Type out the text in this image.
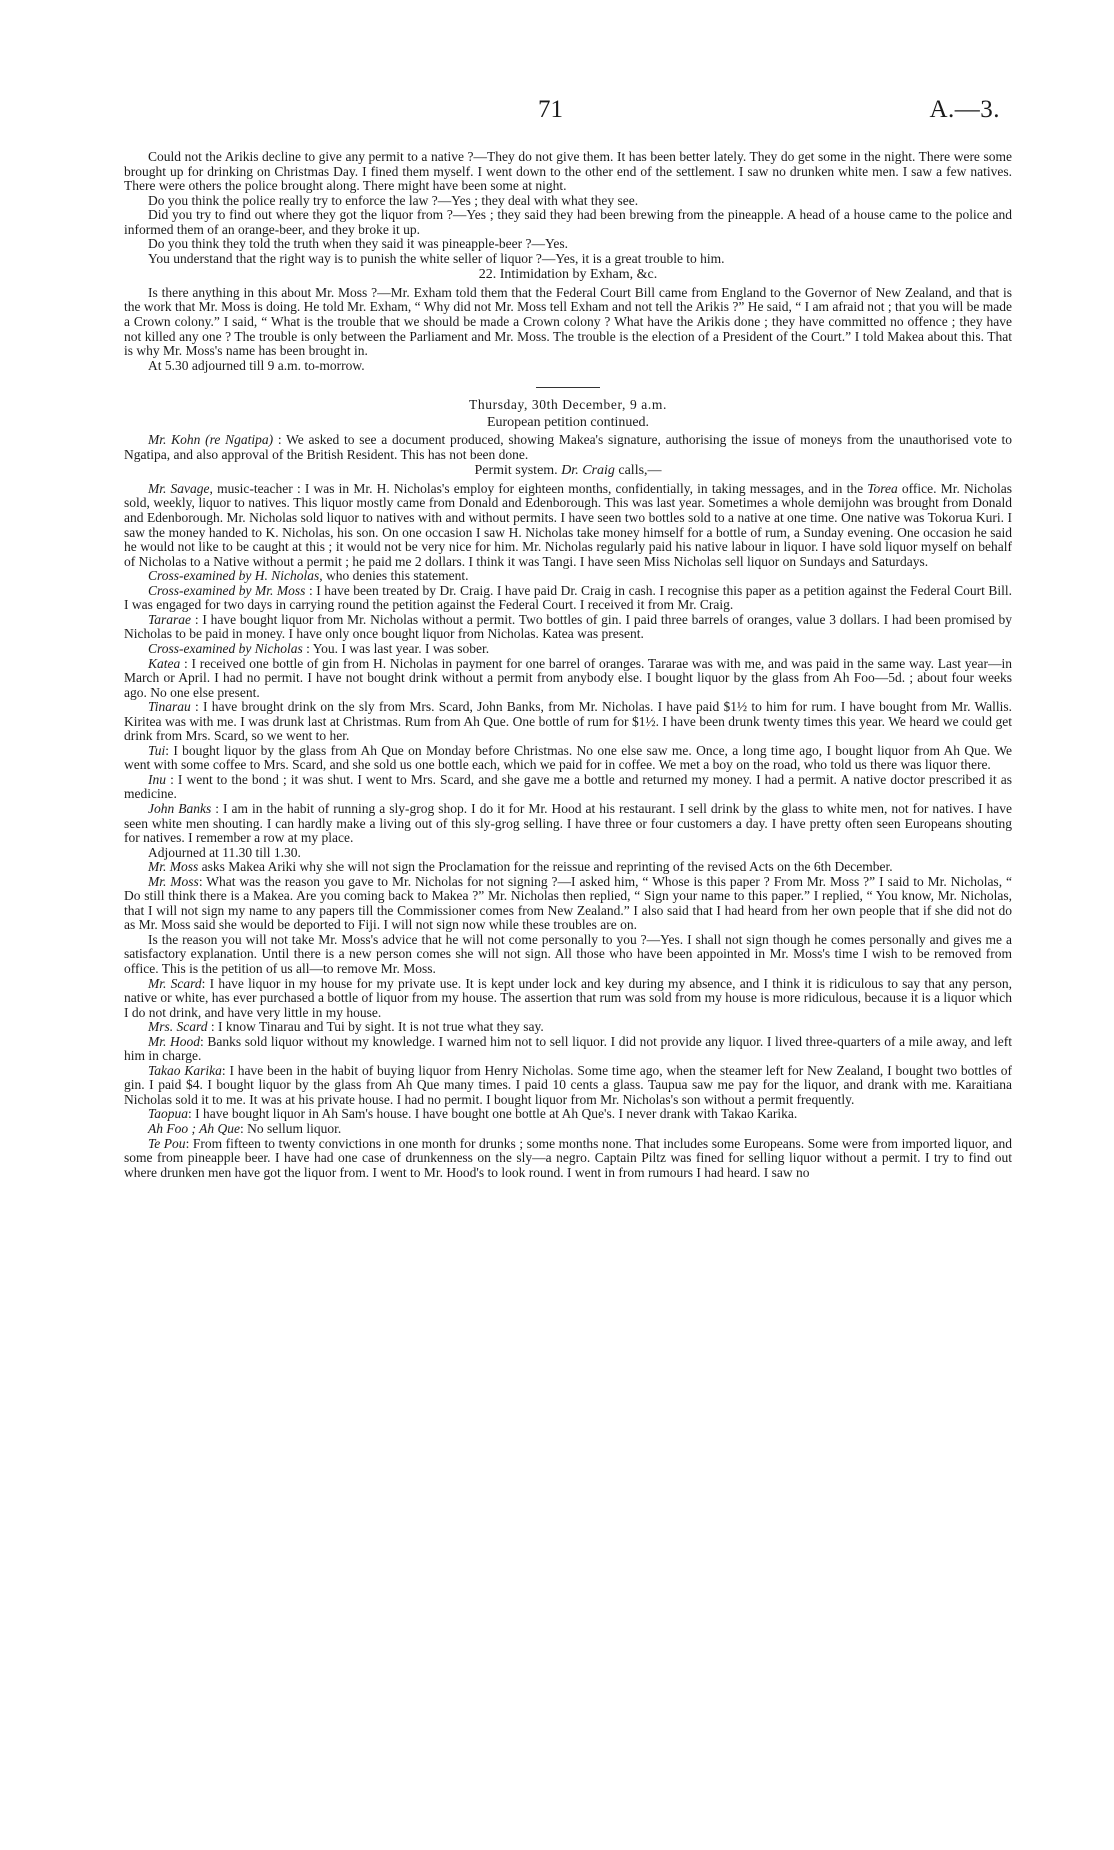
71	A.—3.

Could not the Arikis decline to give any permit to a native ?—They do not give them. It has been better lately. They do get some in the night. There were some brought up for drinking on Christmas Day. I fined them myself. I went down to the other end of the settlement. I saw no drunken white men. I saw a few natives. There were others the police brought along. There might have been some at night.

Do you think the police really try to enforce the law ?—Yes ; they deal with what they see.

Did you try to find out where they got the liquor from ?—Yes ; they said they had been brewing from the pineapple. A head of a house came to the police and informed them of an orange-beer, and they broke it up.

Do you think they told the truth when they said it was pineapple-beer ?—Yes.

You understand that the right way is to punish the white seller of liquor ?—Yes, it is a great trouble to him.

22. Intimidation by Exham, &c.

Is there anything in this about Mr. Moss ?—Mr. Exham told them that the Federal Court Bill came from England to the Governor of New Zealand, and that is the work that Mr. Moss is doing. He told Mr. Exham, “ Why did not Mr. Moss tell Exham and not tell the Arikis ?” He said, “ I am afraid not ; that you will be made a Crown colony.” I said, “ What is the trouble that we should be made a Crown colony ? What have the Arikis done ; they have committed no offence ; they have not killed any one ? The trouble is only between the Parliament and Mr. Moss. The trouble is the election of a President of the Court.” I told Makea about this. That is why Mr. Moss's name has been brought in.

At 5.30 adjourned till 9 a.m. to-morrow.

Thursday, 30th December, 9 a.m.

European petition continued.

Mr. Kohn (re Ngatipa) : We asked to see a document produced, showing Makea's signature, authorising the issue of moneys from the unauthorised vote to Ngatipa, and also approval of the British Resident. This has not been done.

Permit system. Dr. Craig calls,—

Mr. Savage, music-teacher : I was in Mr. H. Nicholas's employ for eighteen months, confidentially, in taking messages, and in the Torea office. Mr. Nicholas sold, weekly, liquor to natives. This liquor mostly came from Donald and Edenborough. This was last year. Sometimes a whole demijohn was brought from Donald and Edenborough. Mr. Nicholas sold liquor to natives with and without permits. I have seen two bottles sold to a native at one time. One native was Tokorua Kuri. I saw the money handed to K. Nicholas, his son. On one occasion I saw H. Nicholas take money himself for a bottle of rum, a Sunday evening. One occasion he said he would not like to be caught at this ; it would not be very nice for him. Mr. Nicholas regularly paid his native labour in liquor. I have sold liquor myself on behalf of Nicholas to a Native without a permit ; he paid me 2 dollars. I think it was Tangi. I have seen Miss Nicholas sell liquor on Sundays and Saturdays.

Cross-examined by H. Nicholas, who denies this statement.

Cross-examined by Mr. Moss : I have been treated by Dr. Craig. I have paid Dr. Craig in cash. I recognise this paper as a petition against the Federal Court Bill. I was engaged for two days in carrying round the petition against the Federal Court. I received it from Mr. Craig.

Tararae : I have bought liquor from Mr. Nicholas without a permit. Two bottles of gin. I paid three barrels of oranges, value 3 dollars. I had been promised by Nicholas to be paid in money. I have only once bought liquor from Nicholas. Katea was present.

Cross-examined by Nicholas : You. I was last year. I was sober.

Katea : I received one bottle of gin from H. Nicholas in payment for one barrel of oranges. Tararae was with me, and was paid in the same way. Last year—in March or April. I had no permit. I have not bought drink without a permit from anybody else. I bought liquor by the glass from Ah Foo—5d. ; about four weeks ago. No one else present.

Tinarau : I have brought drink on the sly from Mrs. Scard, John Banks, from Mr. Nicholas. I have paid $1½ to him for rum. I have bought from Mr. Wallis. Kiritea was with me. I was drunk last at Christmas. Rum from Ah Que. One bottle of rum for $1½. I have been drunk twenty times this year. We heard we could get drink from Mrs. Scard, so we went to her.

Tui: I bought liquor by the glass from Ah Que on Monday before Christmas. No one else saw me. Once, a long time ago, I bought liquor from Ah Que. We went with some coffee to Mrs. Scard, and she sold us one bottle each, which we paid for in coffee. We met a boy on the road, who told us there was liquor there.

Inu : I went to the bond ; it was shut. I went to Mrs. Scard, and she gave me a bottle and returned my money. I had a permit. A native doctor prescribed it as medicine.

John Banks : I am in the habit of running a sly-grog shop. I do it for Mr. Hood at his restaurant. I sell drink by the glass to white men, not for natives. I have seen white men shouting. I can hardly make a living out of this sly-grog selling. I have three or four customers a day. I have pretty often seen Europeans shouting for natives. I remember a row at my place.

Adjourned at 11.30 till 1.30.

Mr. Moss asks Makea Ariki why she will not sign the Proclamation for the reissue and reprinting of the revised Acts on the 6th December.

Mr. Moss: What was the reason you gave to Mr. Nicholas for not signing ?—I asked him, “ Whose is this paper ? From Mr. Moss ?” I said to Mr. Nicholas, “ Do still think there is a Makea. Are you coming back to Makea ?” Mr. Nicholas then replied, “ Sign your name to this paper.” I replied, “ You know, Mr. Nicholas, that I will not sign my name to any papers till the Commissioner comes from New Zealand.” I also said that I had heard from her own people that if she did not do as Mr. Moss said she would be deported to Fiji. I will not sign now while these troubles are on.

Is the reason you will not take Mr. Moss's advice that he will not come personally to you ?—Yes. I shall not sign though he comes personally and gives me a satisfactory explanation. Until there is a new person comes she will not sign. All those who have been appointed in Mr. Moss's time I wish to be removed from office. This is the petition of us all—to remove Mr. Moss.

Mr. Scard: I have liquor in my house for my private use. It is kept under lock and key during my absence, and I think it is ridiculous to say that any person, native or white, has ever purchased a bottle of liquor from my house. The assertion that rum was sold from my house is more ridiculous, because it is a liquor which I do not drink, and have very little in my house.

Mrs. Scard : I know Tinarau and Tui by sight. It is not true what they say.

Mr. Hood: Banks sold liquor without my knowledge. I warned him not to sell liquor. I did not provide any liquor. I lived three-quarters of a mile away, and left him in charge.

Takao Karika: I have been in the habit of buying liquor from Henry Nicholas. Some time ago, when the steamer left for New Zealand, I bought two bottles of gin. I paid $4. I bought liquor by the glass from Ah Que many times. I paid 10 cents a glass. Taupua saw me pay for the liquor, and drank with me. Karaitiana Nicholas sold it to me. It was at his private house. I had no permit. I bought liquor from Mr. Nicholas's son without a permit frequently.

Taopua: I have bought liquor in Ah Sam's house. I have bought one bottle at Ah Que's. I never drank with Takao Karika.

Ah Foo ; Ah Que: No sellum liquor.

Te Pou: From fifteen to twenty convictions in one month for drunks ; some months none. That includes some Europeans. Some were from imported liquor, and some from pineapple beer. I have had one case of drunkenness on the sly—a negro. Captain Piltz was fined for selling liquor without a permit. I try to find out where drunken men have got the liquor from. I went to Mr. Hood's to look round. I went in from rumours I had heard. I saw no
